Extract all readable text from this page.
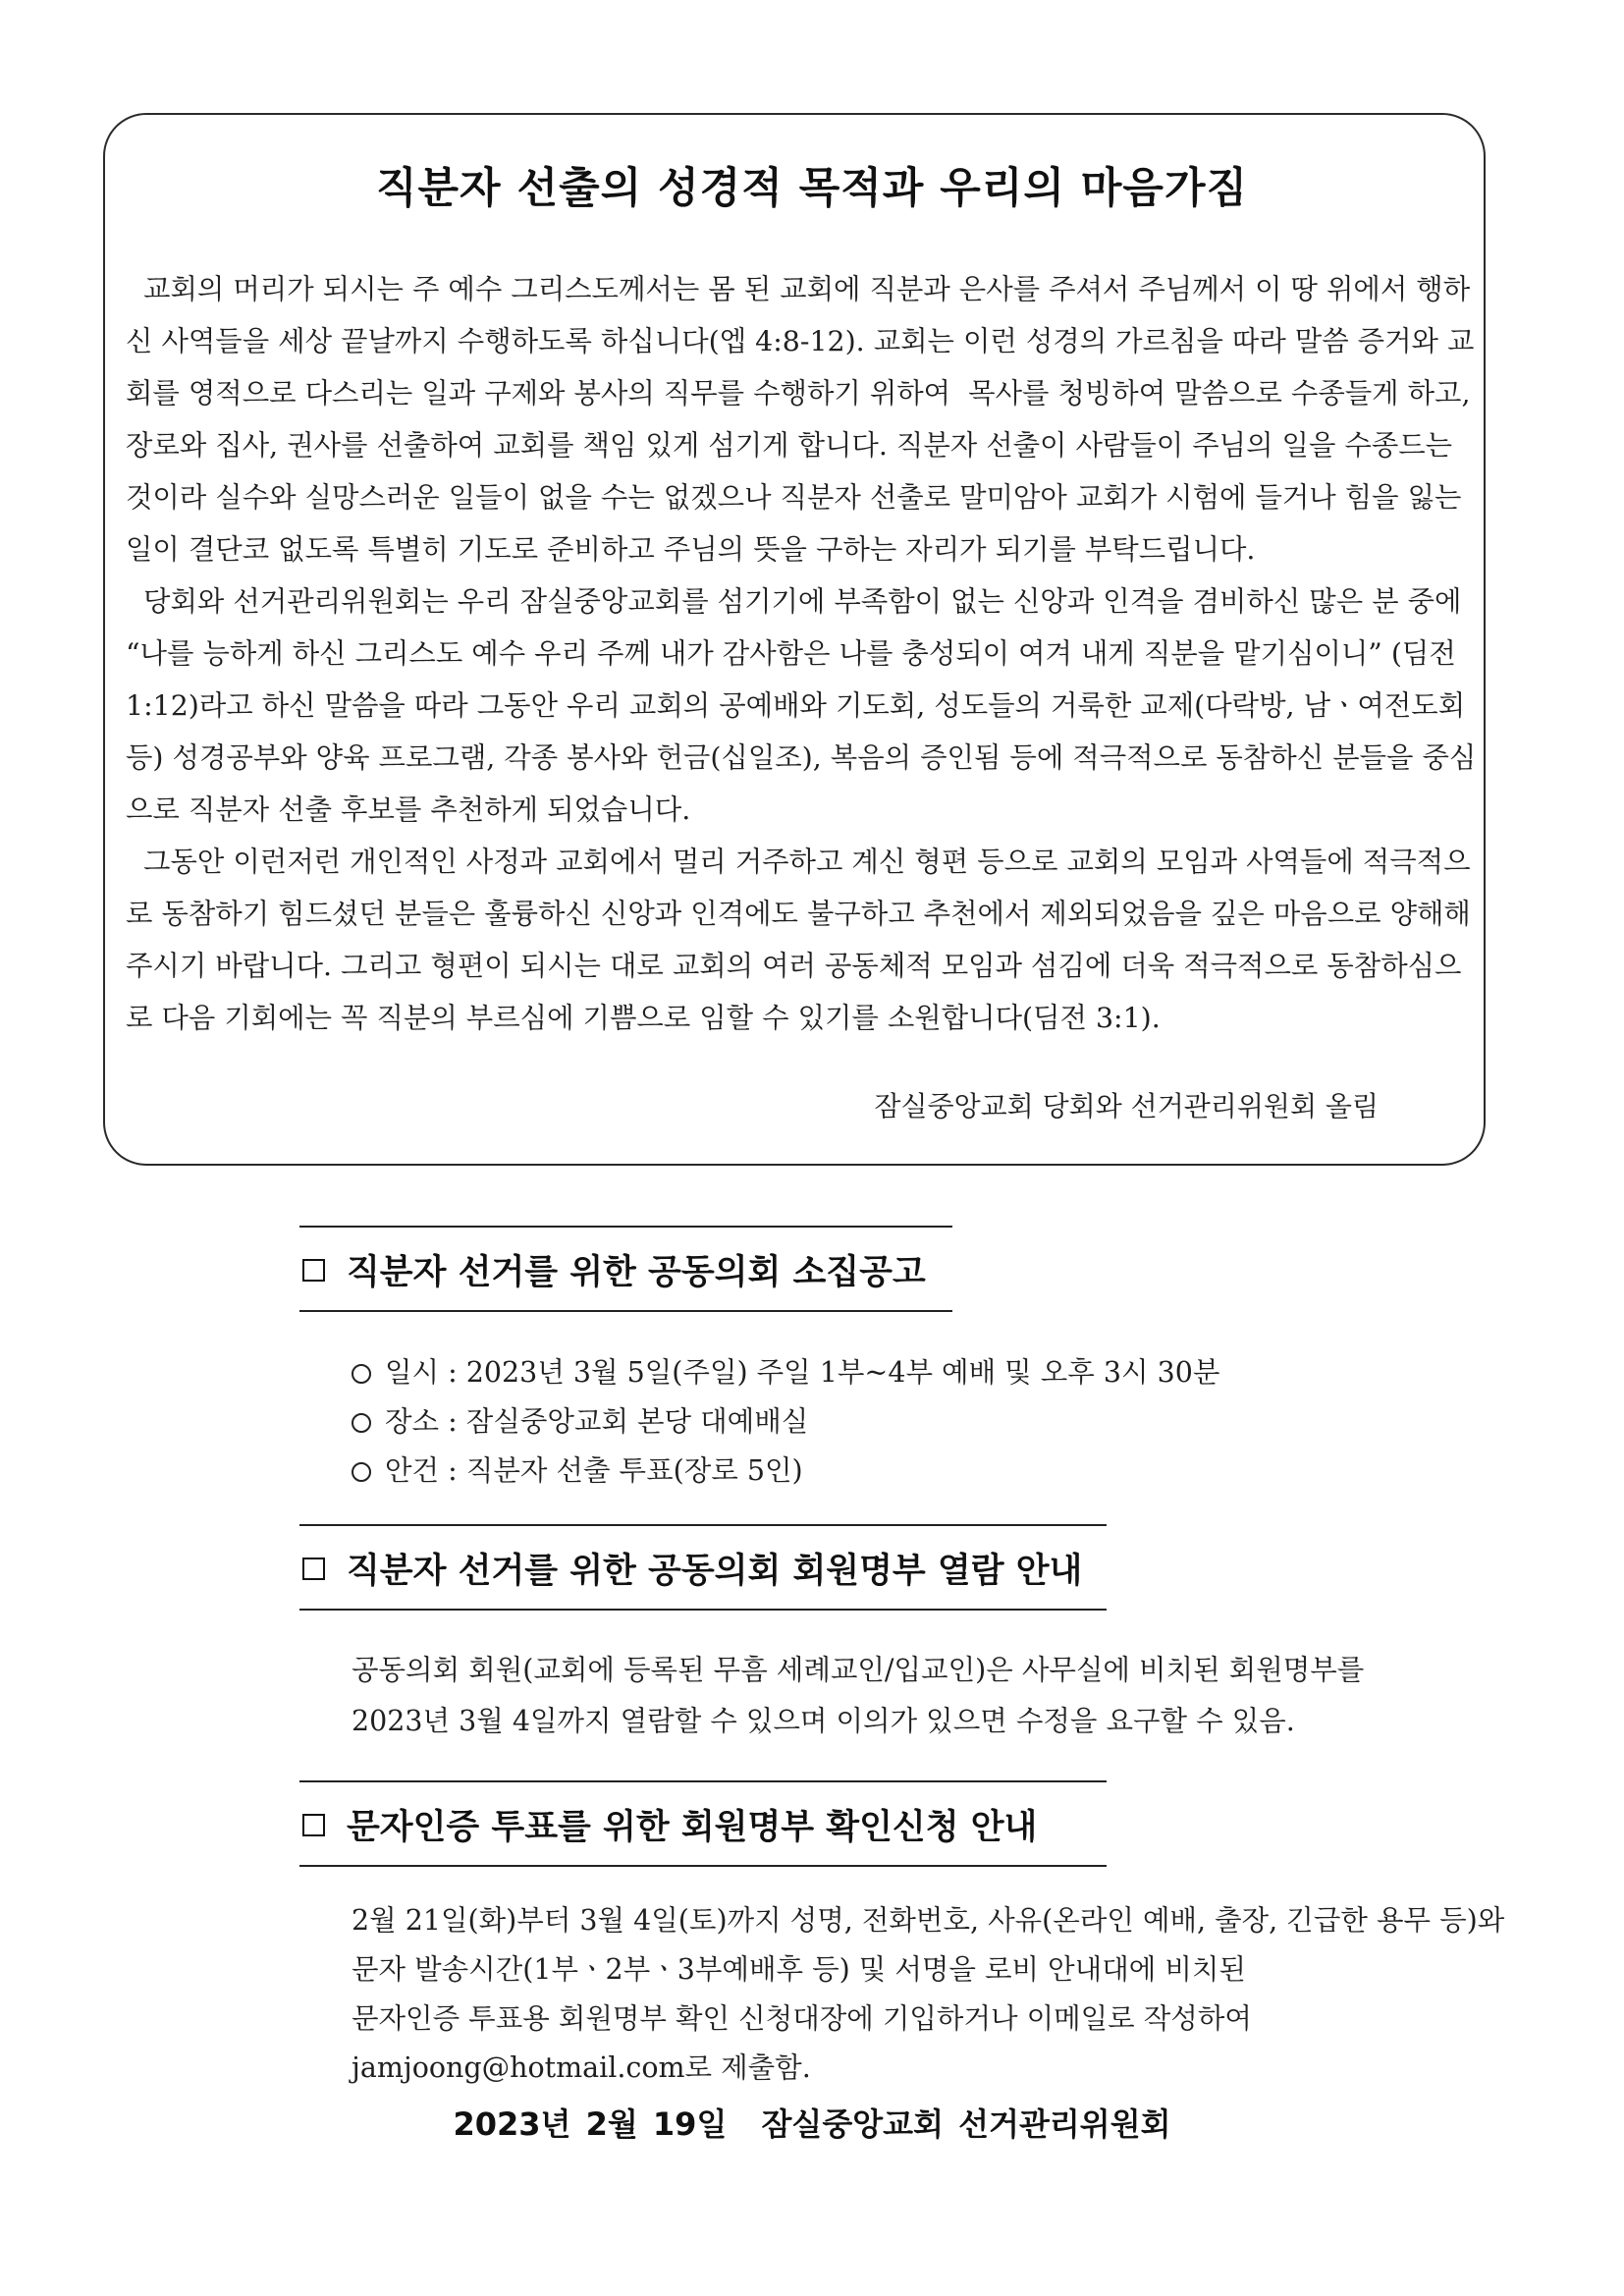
직분자 선출의 성경적 목적과 우리의 마음가짐
교회의 머리가 되시는 주 예수 그리스도께서는 몸 된 교회에 직분과 은사를 주셔서 주님께서 이 땅 위에서 행하
신 사역들을 세상 끝날까지 수행하도록 하십니다(엡 4:8-12). 교회는 이런 성경의 가르침을 따라 말씀 증거와 교
회를 영적으로 다스리는 일과 구제와 봉사의 직무를 수행하기 위하여  목사를 청빙하여 말씀으로 수종들게 하고,
장로와 집사, 권사를 선출하여 교회를 책임 있게 섬기게 합니다. 직분자 선출이 사람들이 주님의 일을 수종드는
것이라 실수와 실망스러운 일들이 없을 수는 없겠으나 직분자 선출로 말미암아 교회가 시험에 들거나 힘을 잃는
일이 결단코 없도록 특별히 기도로 준비하고 주님의 뜻을 구하는 자리가 되기를 부탁드립니다.
당회와 선거관리위원회는 우리 잠실중앙교회를 섬기기에 부족함이 없는 신앙과 인격을 겸비하신 많은 분 중에
“나를 능하게 하신 그리스도 예수 우리 주께 내가 감사함은 나를 충성되이 여겨 내게 직분을 맡기심이니” (딤전
1:12)라고 하신 말씀을 따라 그동안 우리 교회의 공예배와 기도회, 성도들의 거룩한 교제(다락방, 남ㆍ여전도회
등) 성경공부와 양육 프로그램, 각종 봉사와 헌금(십일조), 복음의 증인됨 등에 적극적으로 동참하신 분들을 중심
으로 직분자 선출 후보를 추천하게 되었습니다.
그동안 이런저런 개인적인 사정과 교회에서 멀리 거주하고 계신 형편 등으로 교회의 모임과 사역들에 적극적으
로 동참하기 힘드셨던 분들은 훌륭하신 신앙과 인격에도 불구하고 추천에서 제외되었음을 깊은 마음으로 양해해
주시기 바랍니다. 그리고 형편이 되시는 대로 교회의 여러 공동체적 모임과 섬김에 더욱 적극적으로 동참하심으
로 다음 기회에는 꼭 직분의 부르심에 기쁨으로 임할 수 있기를 소원합니다(딤전 3:1).
잠실중앙교회 당회와 선거관리위원회 올림
직분자 선거를 위한 공동의회 소집공고
일시 : 2023년 3월 5일(주일) 주일 1부~4부 예배 및 오후 3시 30분
장소 : 잠실중앙교회 본당 대예배실
안건 : 직분자 선출 투표(장로 5인)
직분자 선거를 위한 공동의회 회원명부 열람 안내
공동의회 회원(교회에 등록된 무흠 세례교인/입교인)은 사무실에 비치된 회원명부를
2023년 3월 4일까지 열람할 수 있으며 이의가 있으면 수정을 요구할 수 있음.
문자인증 투표를 위한 회원명부 확인신청 안내
2월 21일(화)부터 3월 4일(토)까지 성명, 전화번호, 사유(온라인 예배, 출장, 긴급한 용무 등)와
문자 발송시간(1부ㆍ2부ㆍ3부예배후 등) 및 서명을 로비 안내대에 비치된
문자인증 투표용 회원명부 확인 신청대장에 기입하거나 이메일로 작성하여
jamjoong@hotmail.com로 제출함.
2023년 2월 19일 잠실중앙교회 선거관리위원회
